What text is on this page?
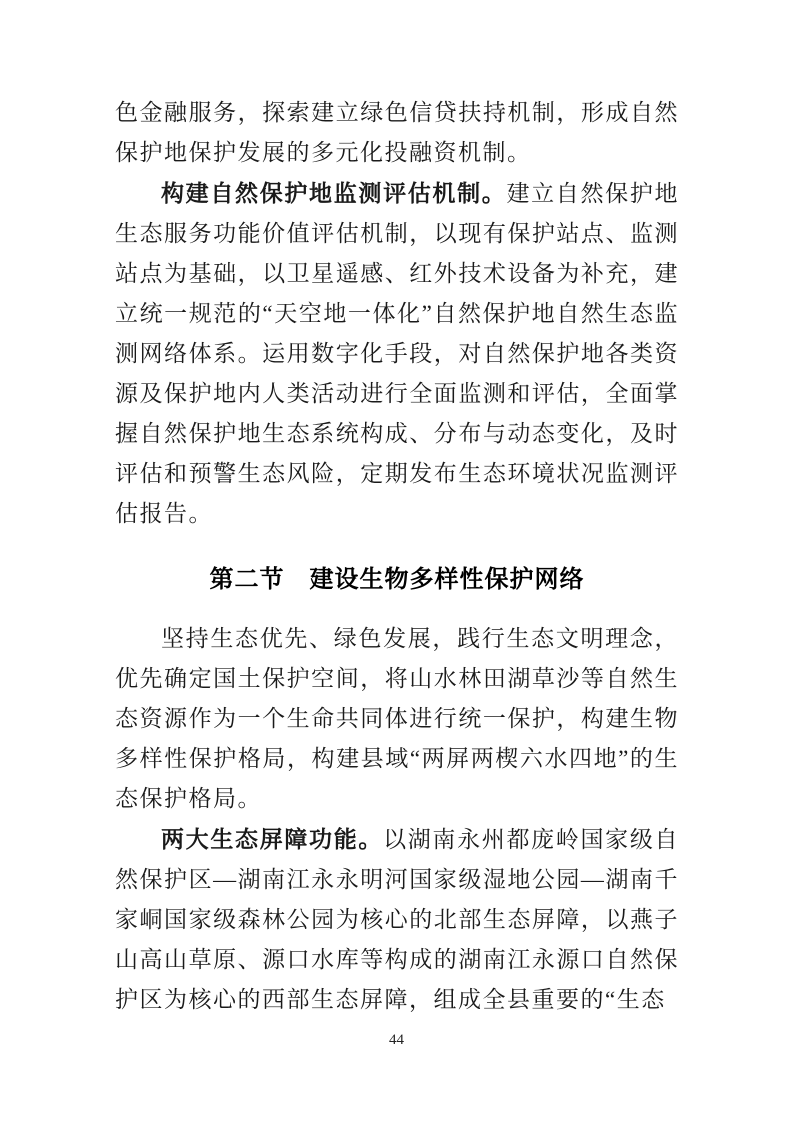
色金融服务，探索建立绿色信贷扶持机制，形成自然保护地保护发展的多元化投融资机制。

构建自然保护地监测评估机制。建立自然保护地生态服务功能价值评估机制，以现有保护站点、监测站点为基础，以卫星遥感、红外技术设备为补充，建立统一规范的“天空地一体化”自然保护地自然生态监测网络体系。运用数字化手段，对自然保护地各类资源及保护地内人类活动进行全面监测和评估，全面掌握自然保护地生态系统构成、分布与动态变化，及时评估和预警生态风险，定期发布生态环境状况监测评估报告。

第二节　建设生物多样性保护网络

坚持生态优先、绿色发展，践行生态文明理念，优先确定国土保护空间，将山水林田湖草沙等自然生态资源作为一个生命共同体进行统一保护，构建生物多样性保护格局，构建县域“两屏两楔六水四地”的生态保护格局。

两大生态屏障功能。以湖南永州都庞岭国家级自然保护区—湖南江永永明河国家级湿地公园—湖南千家峒国家级森林公园为核心的北部生态屏障，以燕子山高山草原、源口水库等构成的湖南江永源口自然保护区为核心的西部生态屏障，组成全县重要的“生态

44
